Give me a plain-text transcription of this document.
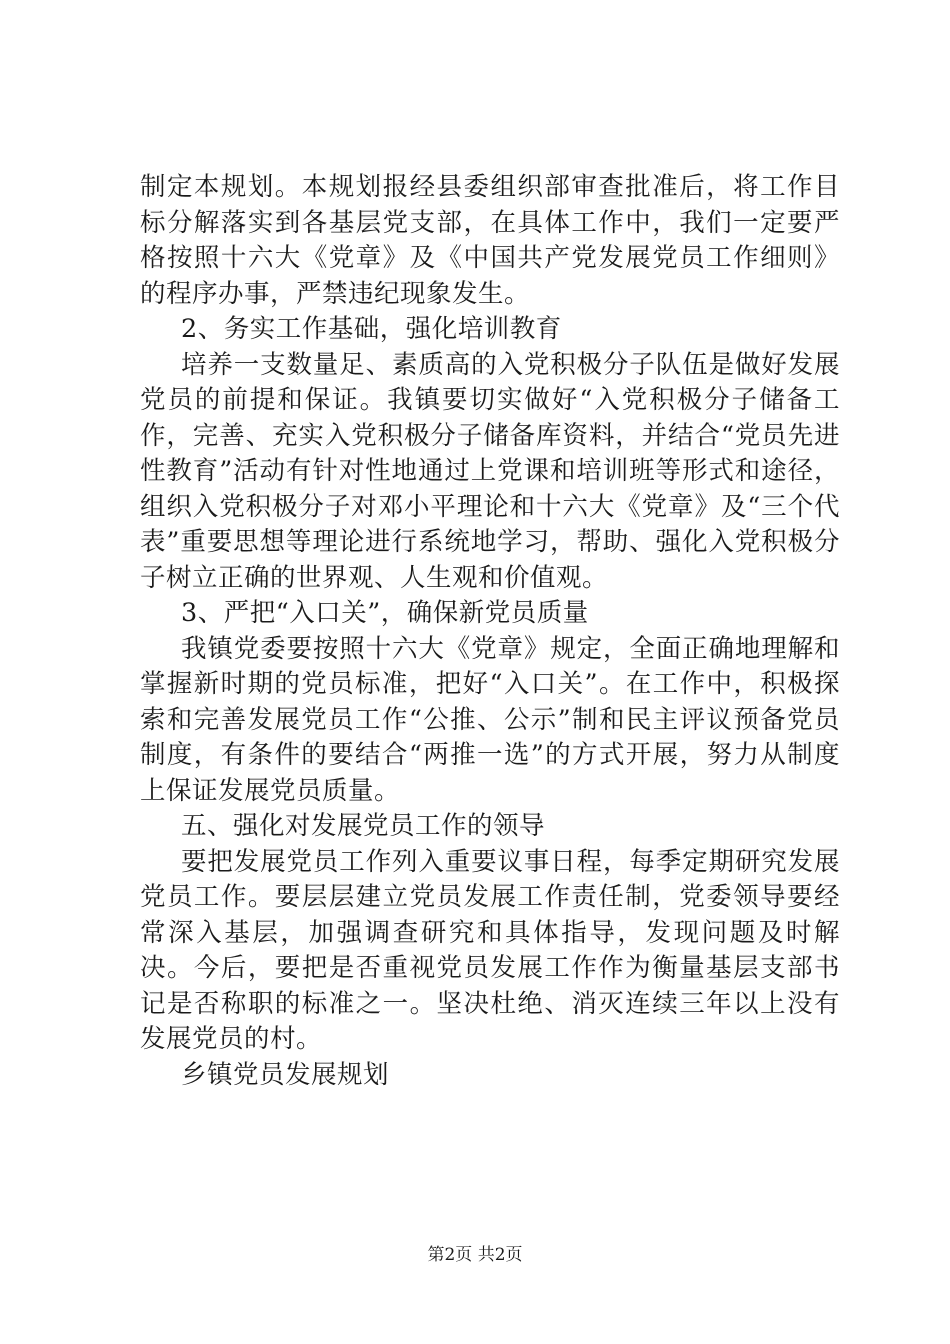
制定本规划。本规划报经县委组织部审查批准后，将工作目标分解落实到各基层党支部，在具体工作中，我们一定要严格按照十六大《党章》及《中国共产党发展党员工作细则》的程序办事，严禁违纪现象发生。

2、务实工作基础，强化培训教育

培养一支数量足、素质高的入党积极分子队伍是做好发展党员的前提和保证。我镇要切实做好“入党积极分子储备工作，完善、充实入党积极分子储备库资料，并结合“党员先进性教育”活动有针对性地通过上党课和培训班等形式和途径，组织入党积极分子对邓小平理论和十六大《党章》及“三个代表”重要思想等理论进行系统地学习，帮助、强化入党积极分子树立正确的世界观、人生观和价值观。

3、严把“入口关”，确保新党员质量

我镇党委要按照十六大《党章》规定，全面正确地理解和掌握新时期的党员标准，把好“入口关”。在工作中，积极探索和完善发展党员工作“公推、公示”制和民主评议预备党员制度，有条件的要结合“两推一选”的方式开展，努力从制度上保证发展党员质量。

五、强化对发展党员工作的领导

要把发展党员工作列入重要议事日程，每季定期研究发展党员工作。要层层建立党员发展工作责任制，党委领导要经常深入基层，加强调查研究和具体指导，发现问题及时解决。今后，要把是否重视党员发展工作作为衡量基层支部书记是否称职的标准之一。坚决杜绝、消灭连续三年以上没有发展党员的村。

乡镇党员发展规划

第2页 共2页
